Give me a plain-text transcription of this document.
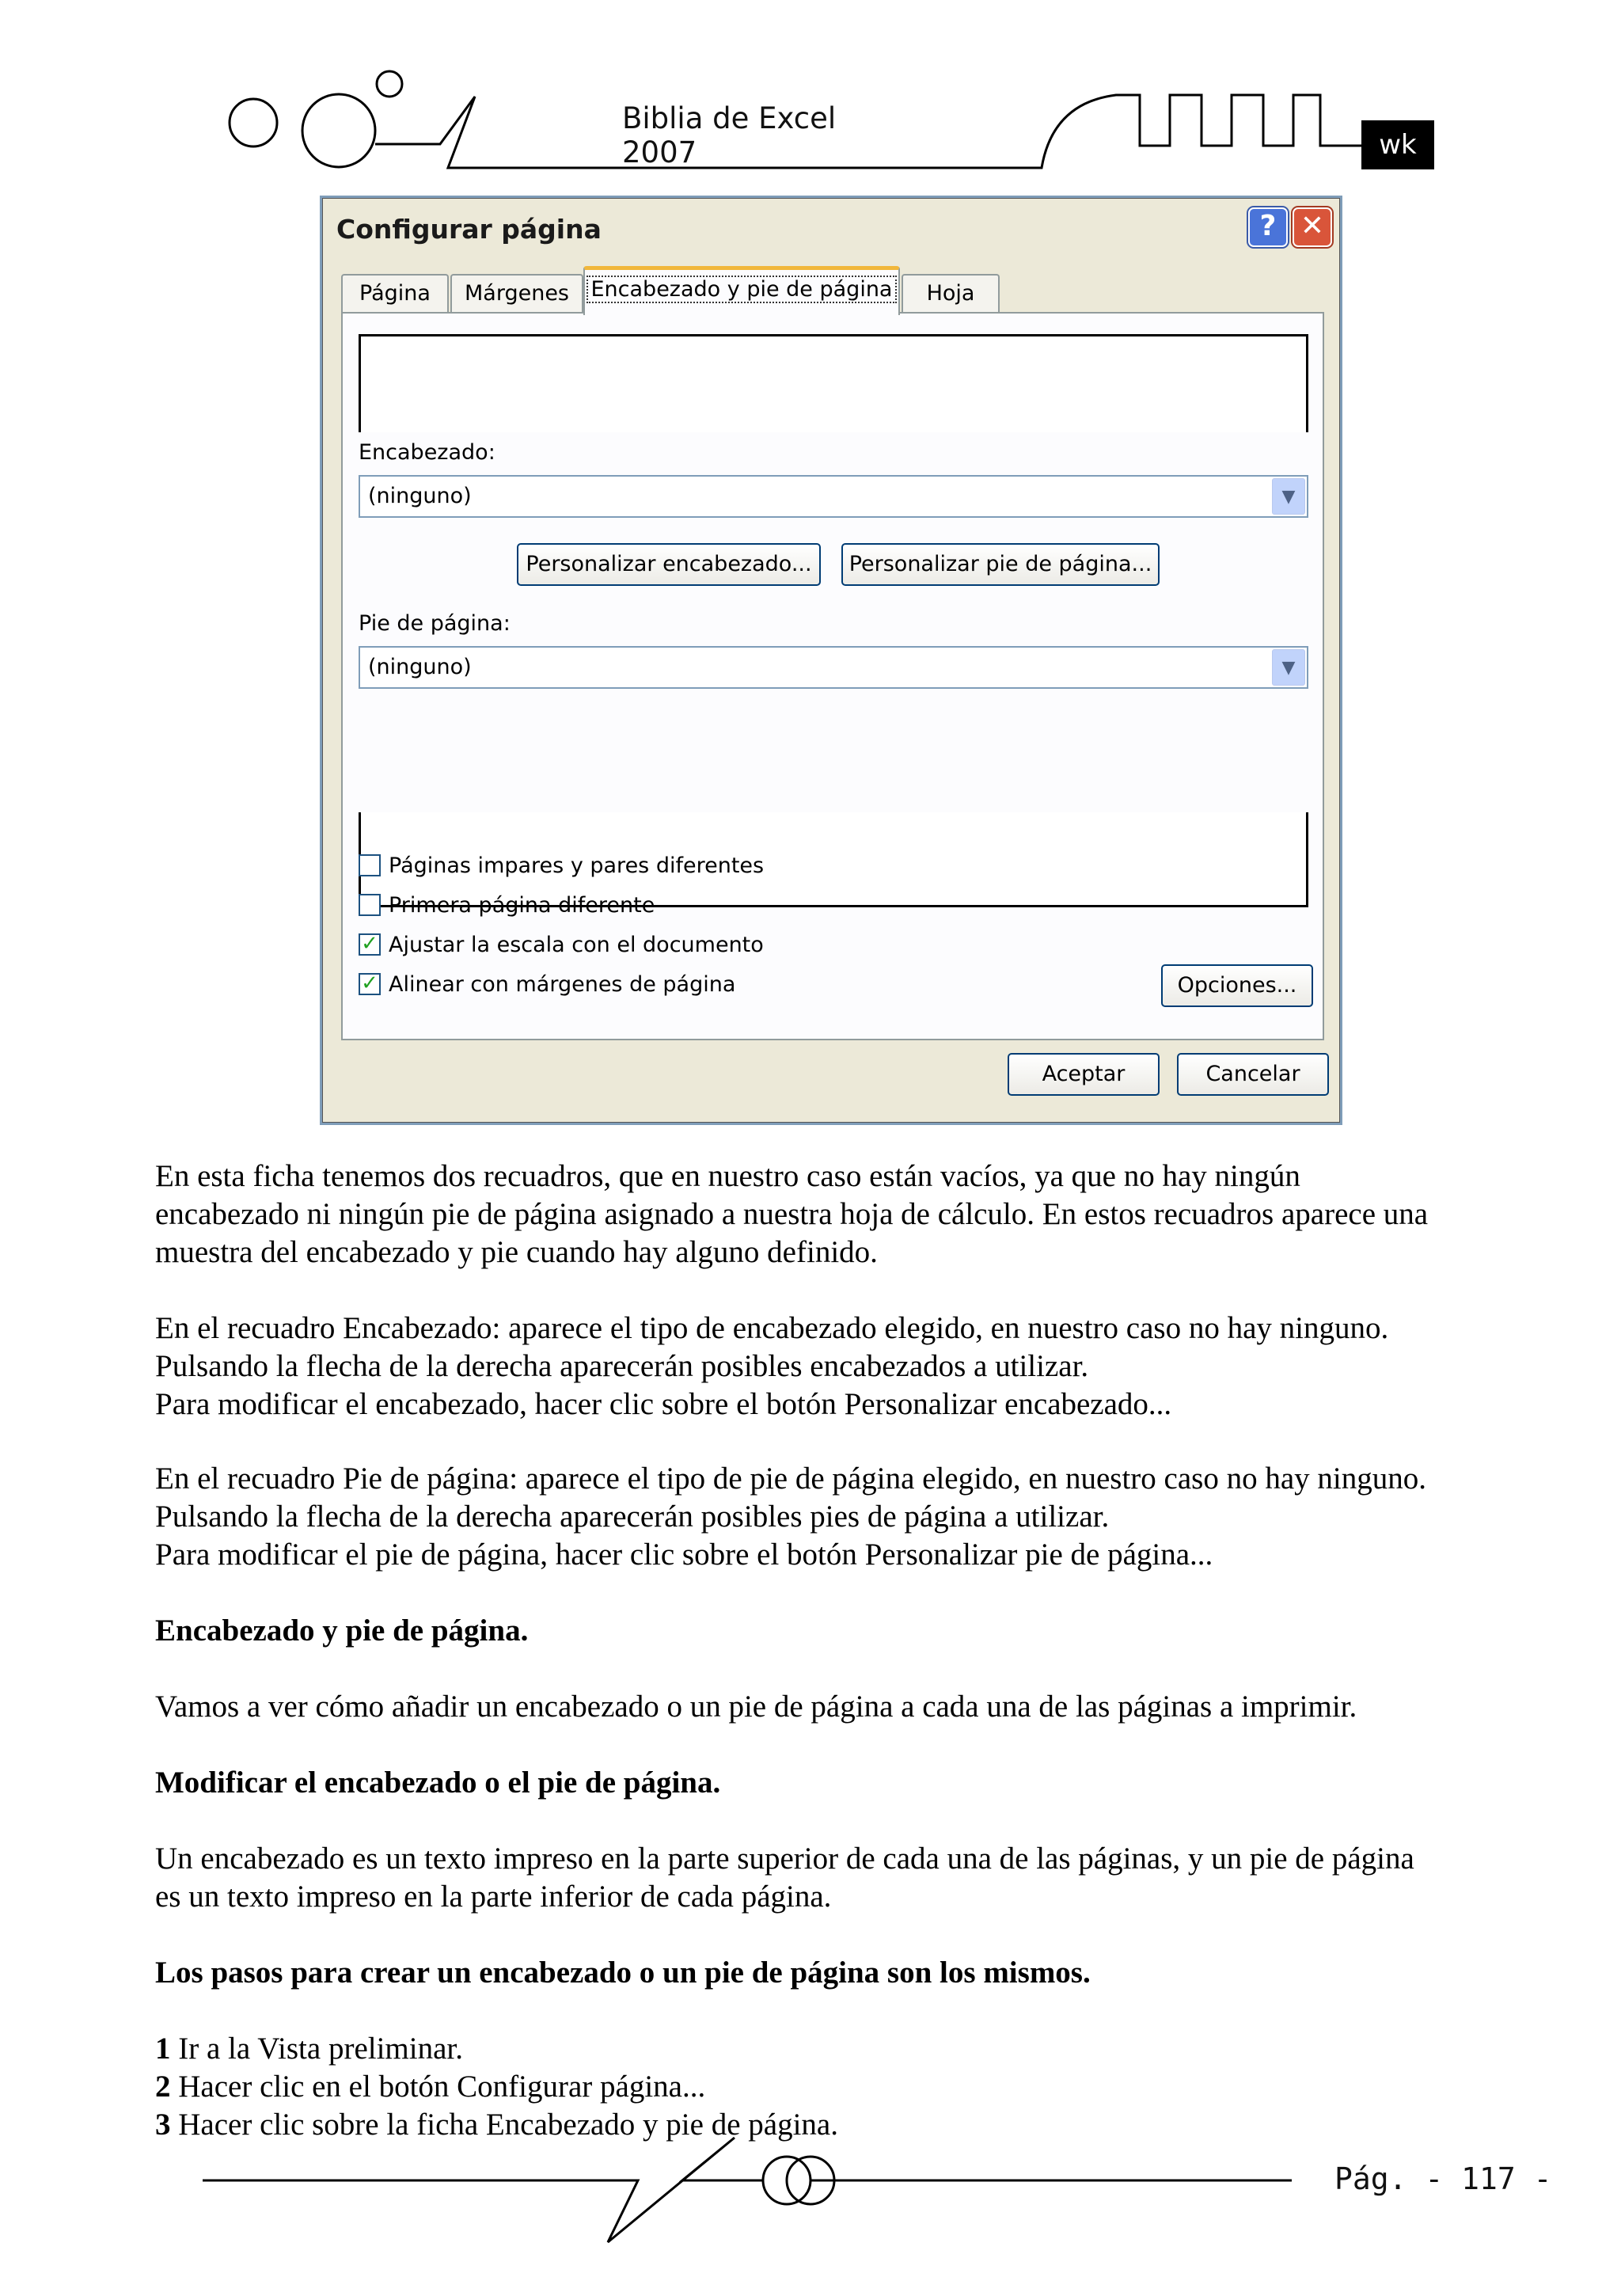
Biblia de Excel 2007	wk
Configurar página	? ✕
Página	Márgenes	Encabezado y pie de página	Hoja
Encabezado:
(ninguno)	▼
Personalizar encabezado...	Personalizar pie de página...
Pie de página:
(ninguno)	▼
Páginas impares y pares diferentes
Primera página diferente
✓ Ajustar la escala con el documento
✓ Alinear con márgenes de página	Opciones...
Aceptar	Cancelar

En esta ficha tenemos dos recuadros, que en nuestro caso están vacíos, ya que no hay ningún
encabezado ni ningún pie de página asignado a nuestra hoja de cálculo. En estos recuadros aparece una
muestra del encabezado y pie cuando hay alguno definido.

En el recuadro Encabezado: aparece el tipo de encabezado elegido, en nuestro caso no hay ninguno.
Pulsando la flecha de la derecha aparecerán posibles encabezados a utilizar.
Para modificar el encabezado, hacer clic sobre el botón Personalizar encabezado...

En el recuadro Pie de página: aparece el tipo de pie de página elegido, en nuestro caso no hay ninguno.
Pulsando la flecha de la derecha aparecerán posibles pies de página a utilizar.
Para modificar el pie de página, hacer clic sobre el botón Personalizar pie de página...

Encabezado y pie de página.

Vamos a ver cómo añadir un encabezado o un pie de página a cada una de las páginas a imprimir.

Modificar el encabezado o el pie de página.

Un encabezado es un texto impreso en la parte superior de cada una de las páginas, y un pie de página
es un texto impreso en la parte inferior de cada página.

Los pasos para crear un encabezado o un pie de página son los mismos.

1 Ir a la Vista preliminar.
2 Hacer clic en el botón Configurar página...
3 Hacer clic sobre la ficha Encabezado y pie de página.

Pág. - 117 -
